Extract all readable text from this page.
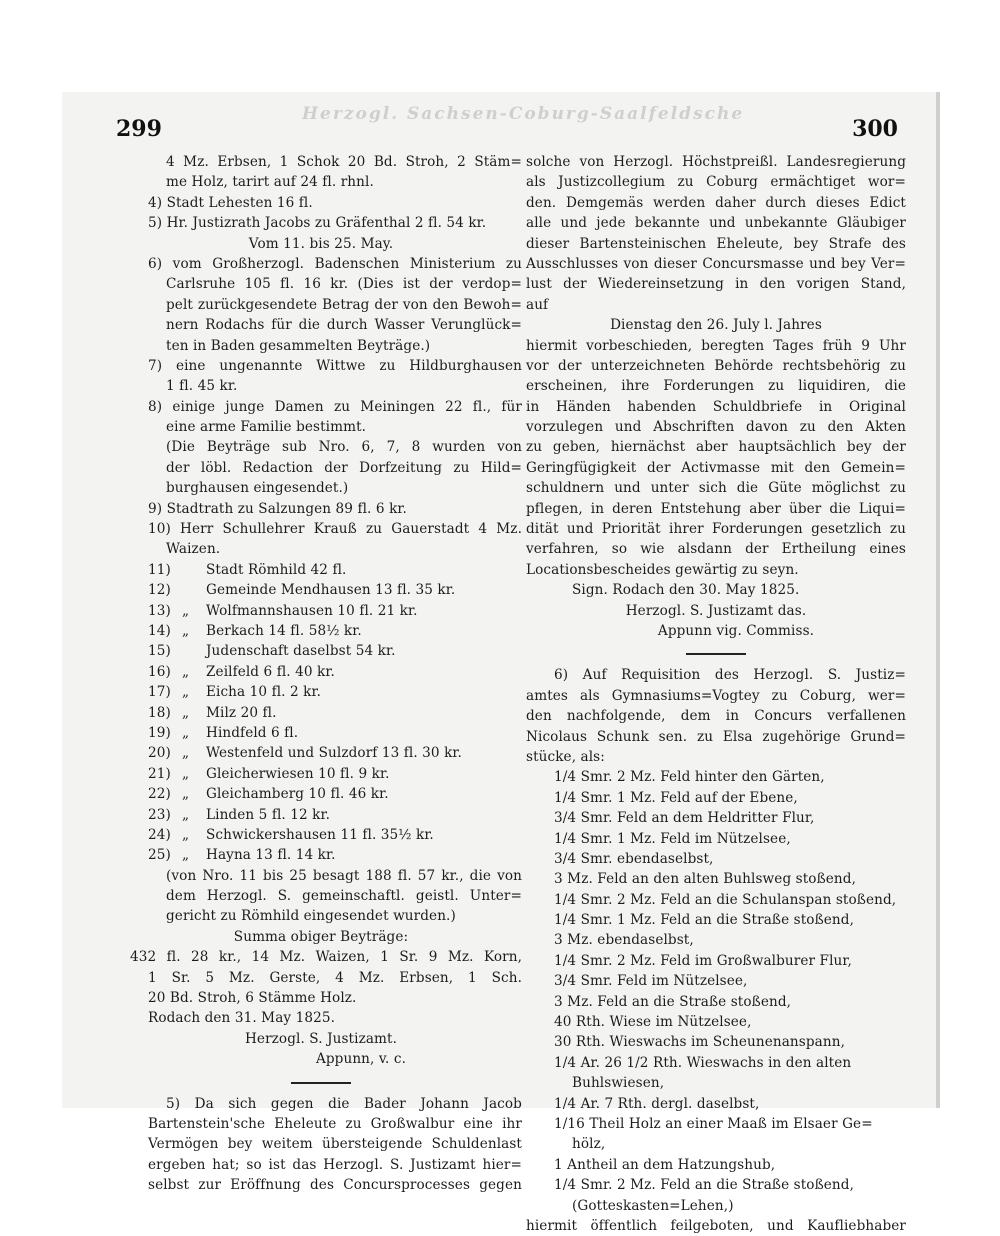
Herzogl. Sachsen-Coburg-Saalfeldsche
299	300
4 Mz. Erbsen, 1 Schok 20 Bd. Stroh, 2 Stäm=
me Holz, tarirt auf 24 fl. rhnl.
4) Stadt Lehesten 16 fl.
5) Hr. Justizrath Jacobs zu Gräfenthal 2 fl. 54 kr.
Vom 11. bis 25. May.
6) vom Großherzogl. Badenschen Ministerium zu
Carlsruhe 105 fl. 16 kr. (Dies ist der verdop=
pelt zurückgesendete Betrag der von den Bewoh=
nern Rodachs für die durch Wasser Verunglück=
ten in Baden gesammelten Beyträge.)
7) eine ungenannte Wittwe zu Hildburghausen
1 fl. 45 kr.
8) einige junge Damen zu Meiningen 22 fl., für
eine arme Familie bestimmt.
(Die Beyträge sub Nro. 6, 7, 8 wurden von
der löbl. Redaction der Dorfzeitung zu Hild=
burghausen eingesendet.)
9) Stadtrath zu Salzungen 89 fl. 6 kr.
10) Herr Schullehrer Krauß zu Gauerstadt 4 Mz.
Waizen.
11)	Stadt Römhild 42 fl.
12)	Gemeinde Mendhausen 13 fl. 35 kr.
13) „ Wolfmannshausen 10 fl. 21 kr.
14) „ Berkach 14 fl. 58½ kr.
15)	Judenschaft daselbst 54 kr.
16) „ Zeilfeld 6 fl. 40 kr.
17) „ Eicha 10 fl. 2 kr.
18) „ Milz 20 fl.
19) „ Hindfeld 6 fl.
20) „ Westenfeld und Sulzdorf 13 fl. 30 kr.
21) „ Gleicherwiesen 10 fl. 9 kr.
22) „ Gleichamberg 10 fl. 46 kr.
23) „ Linden 5 fl. 12 kr.
24) „ Schwickershausen 11 fl. 35½ kr.
25) „ Hayna 13 fl. 14 kr.
(von Nro. 11 bis 25 besagt 188 fl. 57 kr., die von
dem Herzogl. S. gemeinschaftl. geistl. Unter=
gericht zu Römhild eingesendet wurden.)
Summa obiger Beyträge:
432 fl. 28 kr., 14 Mz. Waizen, 1 Sr. 9 Mz. Korn,
1 Sr. 5 Mz. Gerste, 4 Mz. Erbsen, 1 Sch.
20 Bd. Stroh, 6 Stämme Holz.
Rodach den 31. May 1825.
Herzogl. S. Justizamt.
Appunn, v. c.
5) Da sich gegen die Bader Johann Jacob
Bartenstein'sche Eheleute zu Großwalbur eine ihr
Vermögen bey weitem übersteigende Schuldenlast
ergeben hat; so ist das Herzogl. S. Justizamt hier=
selbst zur Eröffnung des Concursprocesses gegen
solche von Herzogl. Höchstpreißl. Landesregierung
als Justizcollegium zu Coburg ermächtiget wor=
den. Demgemäs werden daher durch dieses Edict
alle und jede bekannte und unbekannte Gläubiger
dieser Bartensteinischen Eheleute, bey Strafe des
Ausschlusses von dieser Concursmasse und bey Ver=
lust der Wiedereinsetzung in den vorigen Stand,
auf
Dienstag den 26. July l. Jahres
hiermit vorbeschieden, beregten Tages früh 9 Uhr
vor der unterzeichneten Behörde rechtsbehörig zu
erscheinen, ihre Forderungen zu liquidiren, die
in Händen habenden Schuldbriefe in Original
vorzulegen und Abschriften davon zu den Akten
zu geben, hiernächst aber hauptsächlich bey der
Geringfügigkeit der Activmasse mit den Gemein=
schuldnern und unter sich die Güte möglichst zu
pflegen, in deren Entstehung aber über die Liqui=
dität und Priorität ihrer Forderungen gesetzlich zu
verfahren, so wie alsdann der Ertheilung eines
Locationsbescheides gewärtig zu seyn.
Sign. Rodach den 30. May 1825.
Herzogl. S. Justizamt das.
Appunn vig. Commiss.
6) Auf Requisition des Herzogl. S. Justiz=
amtes als Gymnasiums=Vogtey zu Coburg, wer=
den nachfolgende, dem in Concurs verfallenen
Nicolaus Schunk sen. zu Elsa zugehörige Grund=
stücke, als:
1/4 Smr. 2 Mz. Feld hinter den Gärten,
1/4 Smr. 1 Mz. Feld auf der Ebene,
3/4 Smr. Feld an dem Heldritter Flur,
1/4 Smr. 1 Mz. Feld im Nützelsee,
3/4 Smr. ebendaselbst,
3 Mz. Feld an den alten Buhlsweg stoßend,
1/4 Smr. 2 Mz. Feld an die Schulanspan stoßend,
1/4 Smr. 1 Mz. Feld an die Straße stoßend,
3 Mz. ebendaselbst,
1/4 Smr. 2 Mz. Feld im Großwalburer Flur,
3/4 Smr. Feld im Nützelsee,
3 Mz. Feld an die Straße stoßend,
40 Rth. Wiese im Nützelsee,
30 Rth. Wieswachs im Scheunenanspann,
1/4 Ar. 26 1/2 Rth. Wieswachs in den alten
Buhlswiesen,
1/4 Ar. 7 Rth. dergl. daselbst,
1/16 Theil Holz an einer Maaß im Elsaer Ge=
hölz,
1 Antheil an dem Hatzungshub,
1/4 Smr. 2 Mz. Feld an die Straße stoßend,
(Gotteskasten=Lehen,)
hiermit öffentlich feilgeboten, und Kaufliebhaber
